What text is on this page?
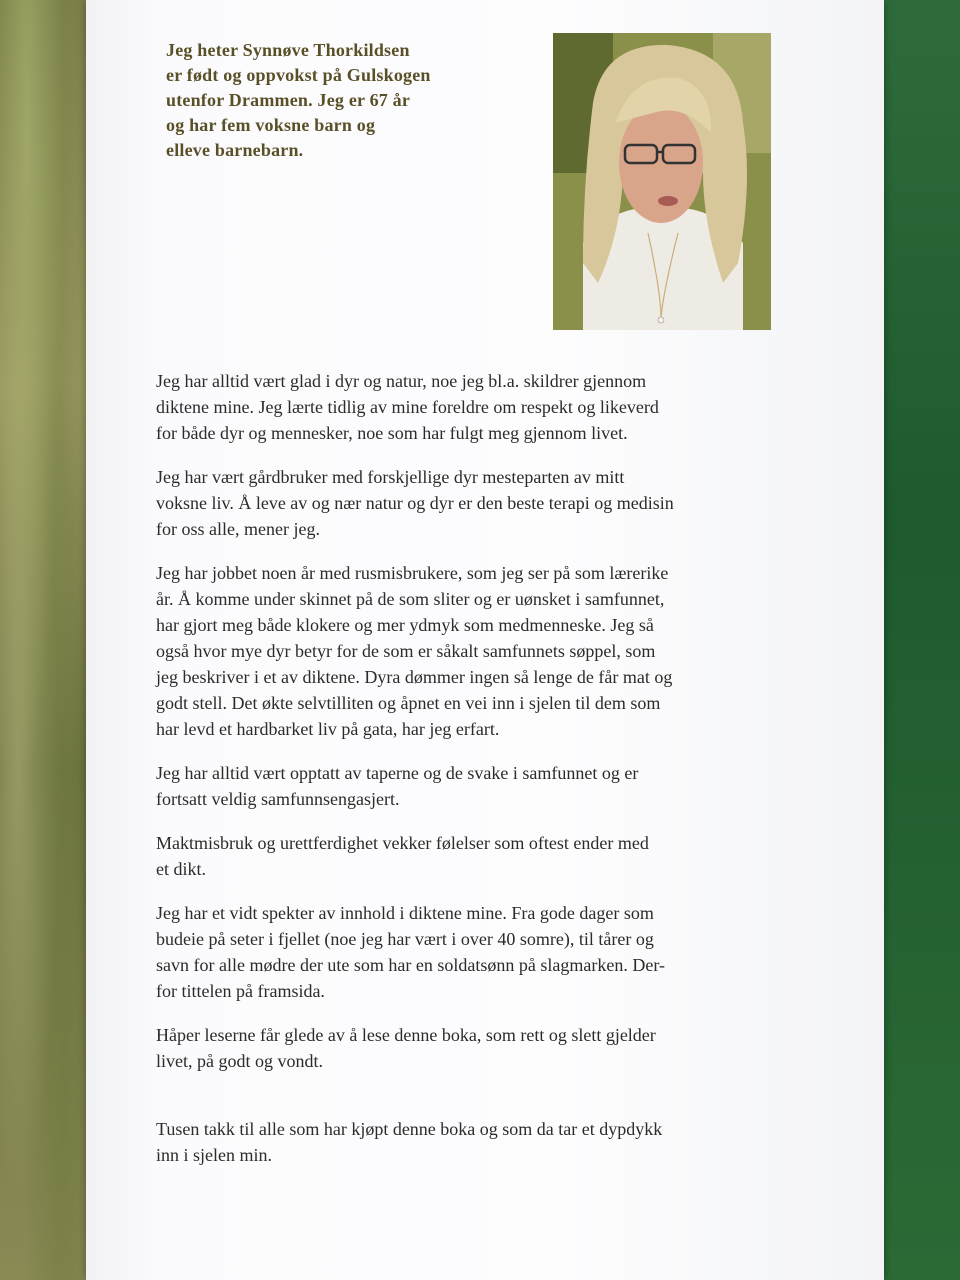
Jeg heter Synnøve Thorkildsen
er født og oppvokst på Gulskogen
utenfor Drammen. Jeg er 67 år
og har fem voksne barn og
elleve barnebarn.
Jeg har alltid vært glad i dyr og natur, noe jeg bl.a. skildrer gjennom
diktene mine. Jeg lærte tidlig av mine foreldre om respekt og likeverd
for både dyr og mennesker, noe som har fulgt meg gjennom livet.
Jeg har vært gårdbruker med forskjellige dyr mesteparten av mitt
voksne liv. Å leve av og nær natur og dyr er den beste terapi og medisin
for oss alle, mener jeg.
Jeg har jobbet noen år med rusmisbrukere, som jeg ser på som lærerike
år. Å komme under skinnet på de som sliter og er uønsket i samfunnet,
har gjort meg både klokere og mer ydmyk som medmenneske. Jeg så
også hvor mye dyr betyr for de som er såkalt samfunnets søppel, som
jeg beskriver i et av diktene. Dyra dømmer ingen så lenge de får mat og
godt stell. Det økte selvtilliten og åpnet en vei inn i sjelen til dem som
har levd et hardbarket liv på gata, har jeg erfart.
Jeg har alltid vært opptatt av taperne og de svake i samfunnet og er
fortsatt veldig samfunnsengasjert.
Maktmisbruk og urettferdighet vekker følelser som oftest ender med
et dikt.
Jeg har et vidt spekter av innhold i diktene mine. Fra gode dager som
budeie på seter i fjellet (noe jeg har vært i over 40 somre), til tårer og
savn for alle mødre der ute som har en soldatsønn på slagmarken. Der-
for tittelen på framsida.
Håper leserne får glede av å lese denne boka, som rett og slett gjelder
livet, på godt og vondt.
Tusen takk til alle som har kjøpt denne boka og som da tar et dypdykk
inn i sjelen min.
